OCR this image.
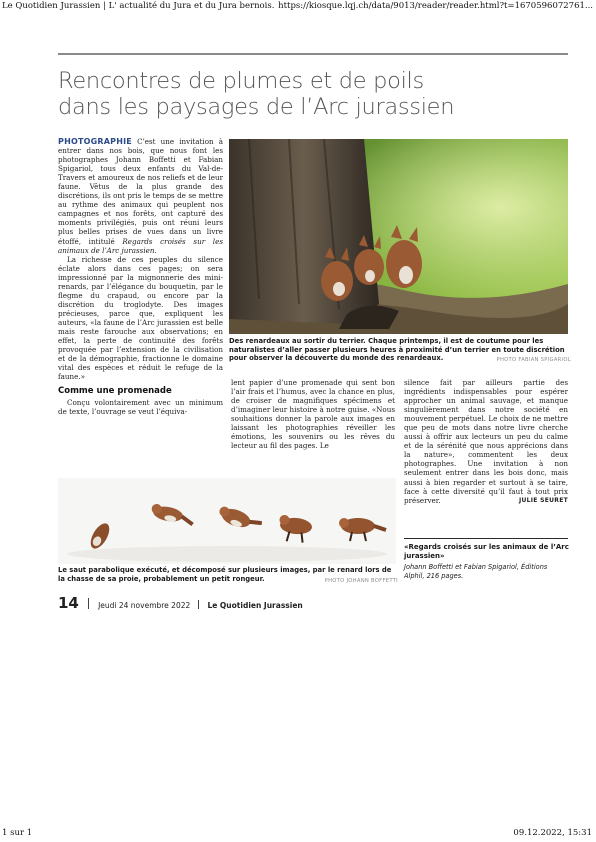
Le Quotidien Jurassien | L' actualité du Jura et du Jura bernois. https://kiosque.lqj.ch/data/9013/reader/reader.html?t=1670596072761...
Rencontres de plumes et de poils
dans les paysages de l’Arc jurassien

PHOTOGRAPHIE C’est une invitation à entrer dans nos bois, que nous font les photographes Johann Boffetti et Fabian Spigariol, tous deux enfants du Val-de-Travers et amoureux de nos reliefs et de leur faune. Vêtus de la plus grande des discrétions, ils ont pris le temps de se mettre au rythme des animaux qui peuplent nos campagnes et nos forêts, ont capturé des moments privilégiés, puis ont réuni leurs plus belles prises de vues dans un livre étoffé, intitulé Regards croisés sur les animaux de l’Arc jurassien.

La richesse de ces peuples du silence éclate alors dans ces pages; on sera impressionné par la mignonnerie des mini-renards, par l’élégance du bouquetin, par le flegme du crapaud, ou encore par la discrétion du troglodyte. Des images précieuses, parce que, expliquent les auteurs, «la faune de l’Arc jurassien est belle mais reste farouche aux observations; en effet, la perte de continuité des forêts provoquée par l’extension de la civilisation et de la démographie, fractionne le domaine vital des espèces et réduit le refuge de la faune.»

Comme une promenade

Conçu volontairement avec un minimum de texte, l’ouvrage se veut l’équiva-

Des renardeaux au sortir du terrier. Chaque printemps, il est de coutume pour les naturalistes d’aller passer plusieurs heures à proximité d’un terrier en toute discrétion pour observer la découverte du monde des renardeaux.	PHOTO FABIAN SPIGARIOL

lent papier d’une promenade qui sent bon l’air frais et l’humus, avec la chance en plus, de croiser de magnifiques spécimens et d’imaginer leur histoire à notre guise. «Nous souhaitions donner la parole aux images en laissant les photographies réveiller les émotions, les souvenirs ou les rêves du lecteur au fil des pages. Le

silence fait par ailleurs partie des ingrédients indispensables pour espérer approcher un animal sauvage, et manque singulièrement dans notre société en mouvement perpétuel. Le choix de ne mettre que peu de mots dans notre livre cherche aussi à offrir aux lecteurs un peu du calme et de la sérénité que nous apprécions dans la nature», commentent les deux photographes. Une invitation à non seulement entrer dans les bois donc, mais aussi à bien regarder et surtout à se taire, face à cette diversité qu’il faut à tout prix préserver.	JULIE SEURET

Le saut parabolique exécuté, et décomposé sur plusieurs images, par le renard lors de la chasse de sa proie, probablement un petit rongeur.	PHOTO JOHANN BOFFETTI
«Regards croisés sur les animaux de l’Arc jurassien»
Johann Boffetti et Fabian Spigariol, Éditions Alphil, 216 pages.
14	Jeudi 24 novembre 2022 Le Quotidien Jurassien
1 sur 1	09.12.2022, 15:31
